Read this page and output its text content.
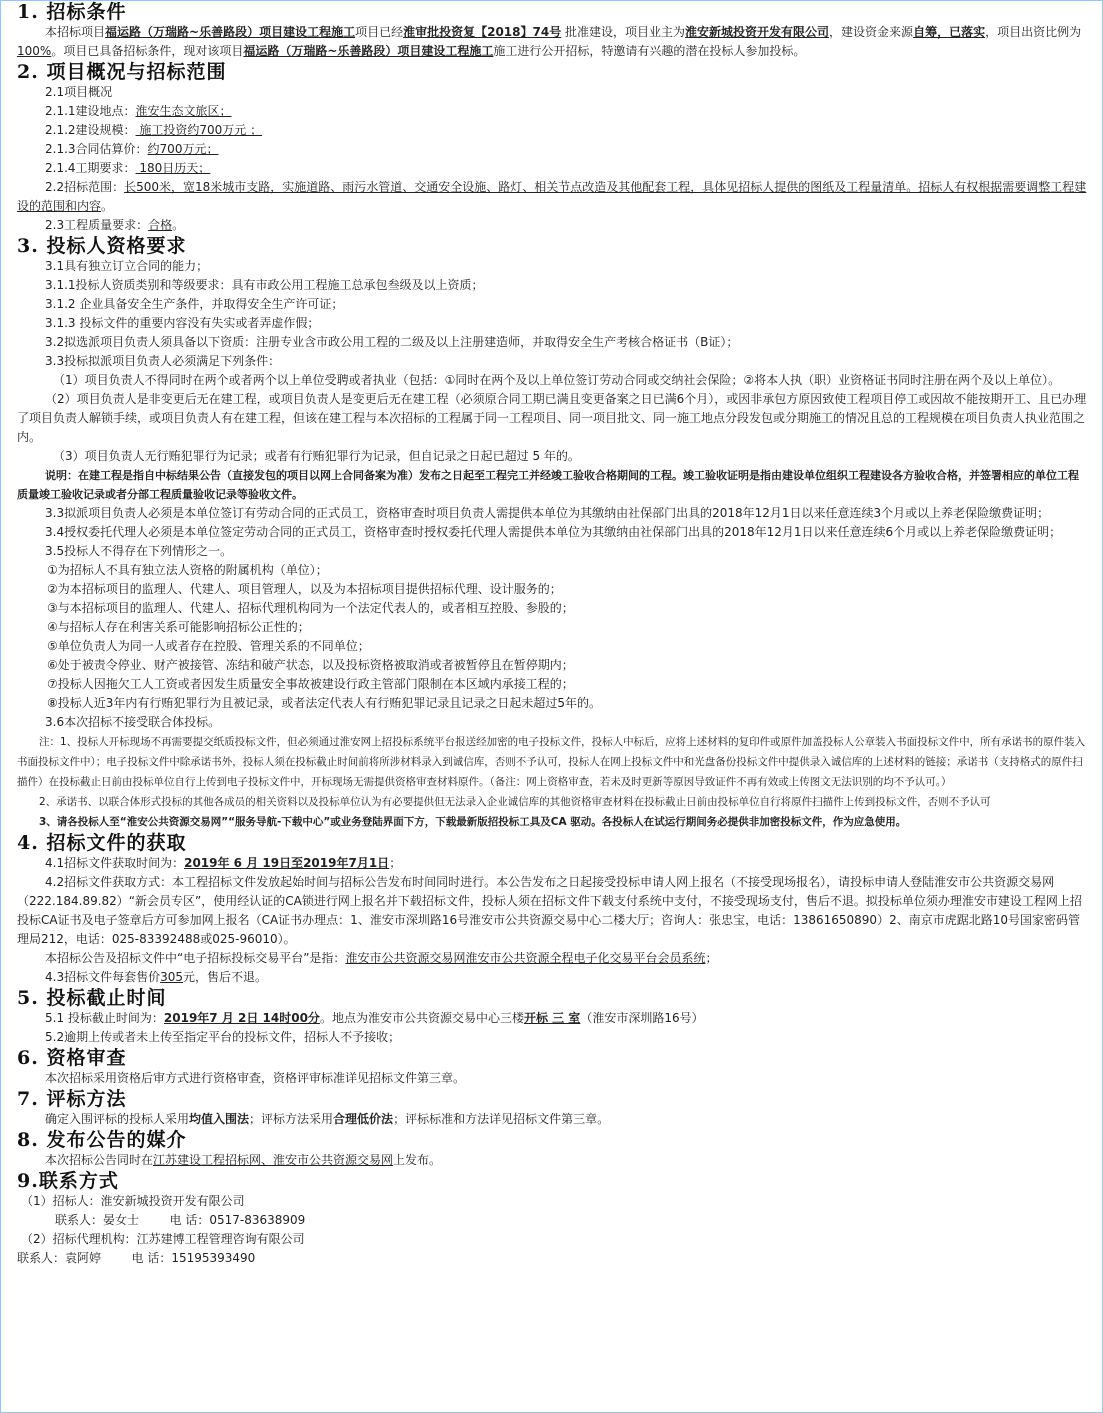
1. 招标条件

本招标项目福运路（万瑞路~乐善路段）项目建设工程施工项目已经淮审批投资复【2018】74号 批准建设，项目业主为淮安新城投资开发有限公司，建设资金来源自筹，已落实，项目出资比例为100%。项目已具备招标条件，现对该项目福运路（万瑞路~乐善路段）项目建设工程施工施工进行公开招标，特邀请有兴趣的潜在投标人参加投标。

2. 项目概况与招标范围

2.1项目概况

2.1.1建设地点：淮安生态文旅区；

2.1.2建设规模： 施工投资约700万元 ；

2.1.3合同估算价：约700万元；

2.1.4工期要求： 180日历天；

2.2招标范围：长500米，宽18米城市支路，实施道路、雨污水管道、交通安全设施、路灯、相关节点改造及其他配套工程，具体见招标人提供的图纸及工程量清单。招标人有权根据需要调整工程建设的范围和内容。

2.3工程质量要求：合格。

3. 投标人资格要求

3.1具有独立订立合同的能力；

3.1.1投标人资质类别和等级要求：具有市政公用工程施工总承包叁级及以上资质；

3.1.2 企业具备安全生产条件，并取得安全生产许可证；

3.1.3 投标文件的重要内容没有失实或者弄虚作假；

3.2拟选派项目负责人须具备以下资质：注册专业含市政公用工程的二级及以上注册建造师，并取得安全生产考核合格证书（B证）；

3.3投标拟派项目负责人必须满足下列条件：

（1）项目负责人不得同时在两个或者两个以上单位受聘或者执业（包括：①同时在两个及以上单位签订劳动合同或交纳社会保险；②将本人执（职）业资格证书同时注册在两个及以上单位）。

（2）项目负责人是非变更后无在建工程，或项目负责人是变更后无在建工程（必须原合同工期已满且变更备案之日已满6个月），或因非承包方原因致使工程项目停工或因故不能按期开工、且已办理了项目负责人解锁手续，或项目负责人有在建工程，但该在建工程与本次招标的工程属于同一工程项目、同一项目批文、同一施工地点分段发包或分期施工的情况且总的工程规模在项目负责人执业范围之内。

（3）项目负责人无行贿犯罪行为记录；或者有行贿犯罪行为记录，但自记录之日起已超过 5 年的。

说明：在建工程是指自中标结果公告（直接发包的项目以网上合同备案为准）发布之日起至工程完工并经竣工验收合格期间的工程。竣工验收证明是指由建设单位组织工程建设各方验收合格，并签署相应的单位工程质量竣工验收记录或者分部工程质量验收记录等验收文件。

3.3拟派项目负责人必须是本单位签订有劳动合同的正式员工，资格审查时项目负责人需提供本单位为其缴纳由社保部门出具的2018年12月1日以来任意连续3个月或以上养老保险缴费证明；

3.4授权委托代理人必须是本单位签定劳动合同的正式员工，资格审查时授权委托代理人需提供本单位为其缴纳由社保部门出具的2018年12月1日以来任意连续6个月或以上养老保险缴费证明；

3.5投标人不得存在下列情形之一。

①为招标人不具有独立法人资格的附属机构（单位）；

②为本招标项目的监理人、代建人、项目管理人，以及为本招标项目提供招标代理、设计服务的；

③与本招标项目的监理人、代建人、招标代理机构同为一个法定代表人的，或者相互控股、参股的；

④与招标人存在利害关系可能影响招标公正性的；

⑤单位负责人为同一人或者存在控股、管理关系的不同单位；

⑥处于被责令停业、财产被接管、冻结和破产状态，以及投标资格被取消或者被暂停且在暂停期内；

⑦投标人因拖欠工人工资或者因发生质量安全事故被建设行政主管部门限制在本区域内承接工程的；

⑧投标人近3年内有行贿犯罪行为且被记录，或者法定代表人有行贿犯罪记录且记录之日起未超过5年的。

3.6本次招标不接受联合体投标。

注：1、投标人开标现场不再需要提交纸质投标文件，但必须通过淮安网上招投标系统平台报送经加密的电子投标文件，投标人中标后，应将上述材料的复印件或原件加盖投标人公章装入书面投标文件中，所有承诺书的原件装入书面投标文件中）；电子投标文件中除承诺书外，投标人须在投标截止时间前将所涉材料录入到诚信库，否则不予认可，投标人在网上投标文件中和光盘备份投标文件中提供录入诚信库的上述材料的链接；承诺书（支持格式的原件扫描件）在投标截止日前由投标单位自行上传到电子投标文件中，开标现场无需提供资格审查材料原件。（备注：网上资格审查，若未及时更新等原因导致证件不再有效或上传图文无法识别的均不予认可。）

2、承诺书、以联合体形式投标的其他各成员的相关资料以及投标单位认为有必要提供但无法录入企业诚信库的其他资格审查材料在投标截止日前由投标单位自行将原件扫描件上传到投标文件，否则不予认可

3、请各投标人至“淮安公共资源交易网”“服务导航-下载中心”或业务登陆界面下方，下载最新版招投标工具及CA 驱动。各投标人在试运行期间务必提供非加密投标文件，作为应急使用。

4. 招标文件的获取

4.1招标文件获取时间为：2019年 6 月 19日至2019年7月1日；

4.2招标文件获取方式：本工程招标文件发放起始时间与招标公告发布时间同时进行。本公告发布之日起接受投标申请人网上报名（不接受现场报名），请投标申请人登陆淮安市公共资源交易网（222.184.89.82）“新会员专区”，使用经认证的CA锁进行网上报名并下载招标文件，投标人须在招标文件下载支付系统中支付，不接受现场支付，售后不退。拟投标单位须办理淮安市建设工程网上招投标CA证书及电子签章后方可参加网上报名（CA证书办理点：1、淮安市深圳路16号淮安市公共资源交易中心二楼大厅；咨询人：张忠宝，电话：13861650890）2、南京市虎踞北路10号国家密码管理局212，电话：025-83392488或025-96010）。

本招标公告及招标文件中“电子招标投标交易平台”是指：淮安市公共资源交易网淮安市公共资源全程电子化交易平台会员系统；

4.3招标文件每套售价305元，售后不退。

5. 投标截止时间

5.1 投标截止时间为：2019年7 月 2日 14时00分。地点为淮安市公共资源交易中心三楼开标 三 室（淮安市深圳路16号）

5.2逾期上传或者未上传至指定平台的投标文件，招标人不予接收；

6. 资格审查

本次招标采用资格后审方式进行资格审查，资格评审标准详见招标文件第三章。

7. 评标方法

确定入围评标的投标人采用均值入围法；评标方法采用合理低价法；评标标准和方法详见招标文件第三章。

8. 发布公告的媒介

本次招标公告同时在江苏建设工程招标网、淮安市公共资源交易网上发布。

9.联系方式

（1）招标人：淮安新城投资开发有限公司

联系人：晏女士        电 话：0517-83638909

（2）招标代理机构：江苏建博工程管理咨询有限公司

联系人：袁阿婷        电 话：15195393490
